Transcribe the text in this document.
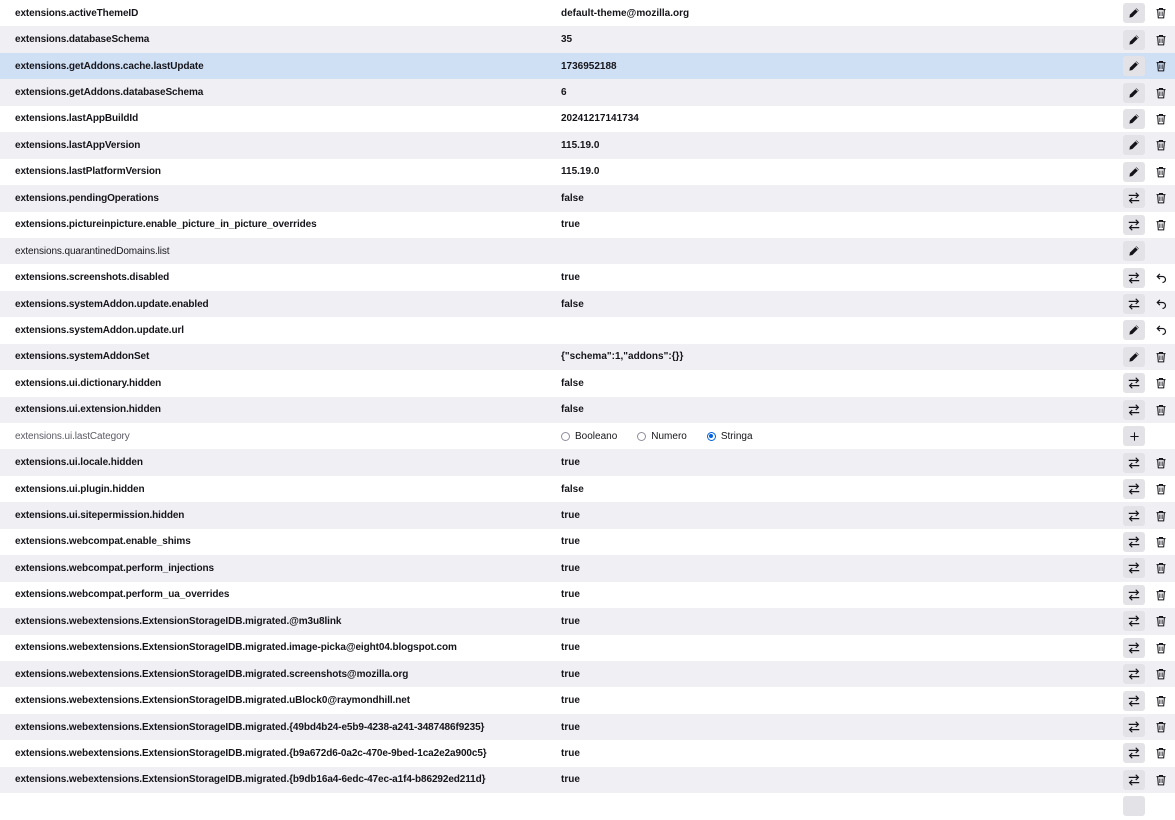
extensions.activeThemeID	default-theme@mozilla.org
extensions.databaseSchema	35
extensions.getAddons.cache.lastUpdate	1736952188
extensions.getAddons.databaseSchema	6
extensions.lastAppBuildId	20241217141734
extensions.lastAppVersion	115.19.0
extensions.lastPlatformVersion	115.19.0
extensions.pendingOperations	false
extensions.pictureinpicture.enable_picture_in_picture_overrides	true
extensions.quarantinedDomains.list
extensions.screenshots.disabled	true
extensions.systemAddon.update.enabled	false
extensions.systemAddon.update.url
extensions.systemAddonSet	{"schema":1,"addons":{}}
extensions.ui.dictionary.hidden	false
extensions.ui.extension.hidden	false
extensions.ui.lastCategory	Booleano	Numero	Stringa
extensions.ui.locale.hidden	true
extensions.ui.plugin.hidden	false
extensions.ui.sitepermission.hidden	true
extensions.webcompat.enable_shims	true
extensions.webcompat.perform_injections	true
extensions.webcompat.perform_ua_overrides	true
extensions.webextensions.ExtensionStorageIDB.migrated.@m3u8link	true
extensions.webextensions.ExtensionStorageIDB.migrated.image-picka@eight04.blogspot.com	true
extensions.webextensions.ExtensionStorageIDB.migrated.screenshots@mozilla.org	true
extensions.webextensions.ExtensionStorageIDB.migrated.uBlock0@raymondhill.net	true
extensions.webextensions.ExtensionStorageIDB.migrated.{49bd4b24-e5b9-4238-a241-3487486f9235}	true
extensions.webextensions.ExtensionStorageIDB.migrated.{b9a672d6-0a2c-470e-9bed-1ca2e2a900c5}	true
extensions.webextensions.ExtensionStorageIDB.migrated.{b9db16a4-6edc-47ec-a1f4-b86292ed211d}	true
